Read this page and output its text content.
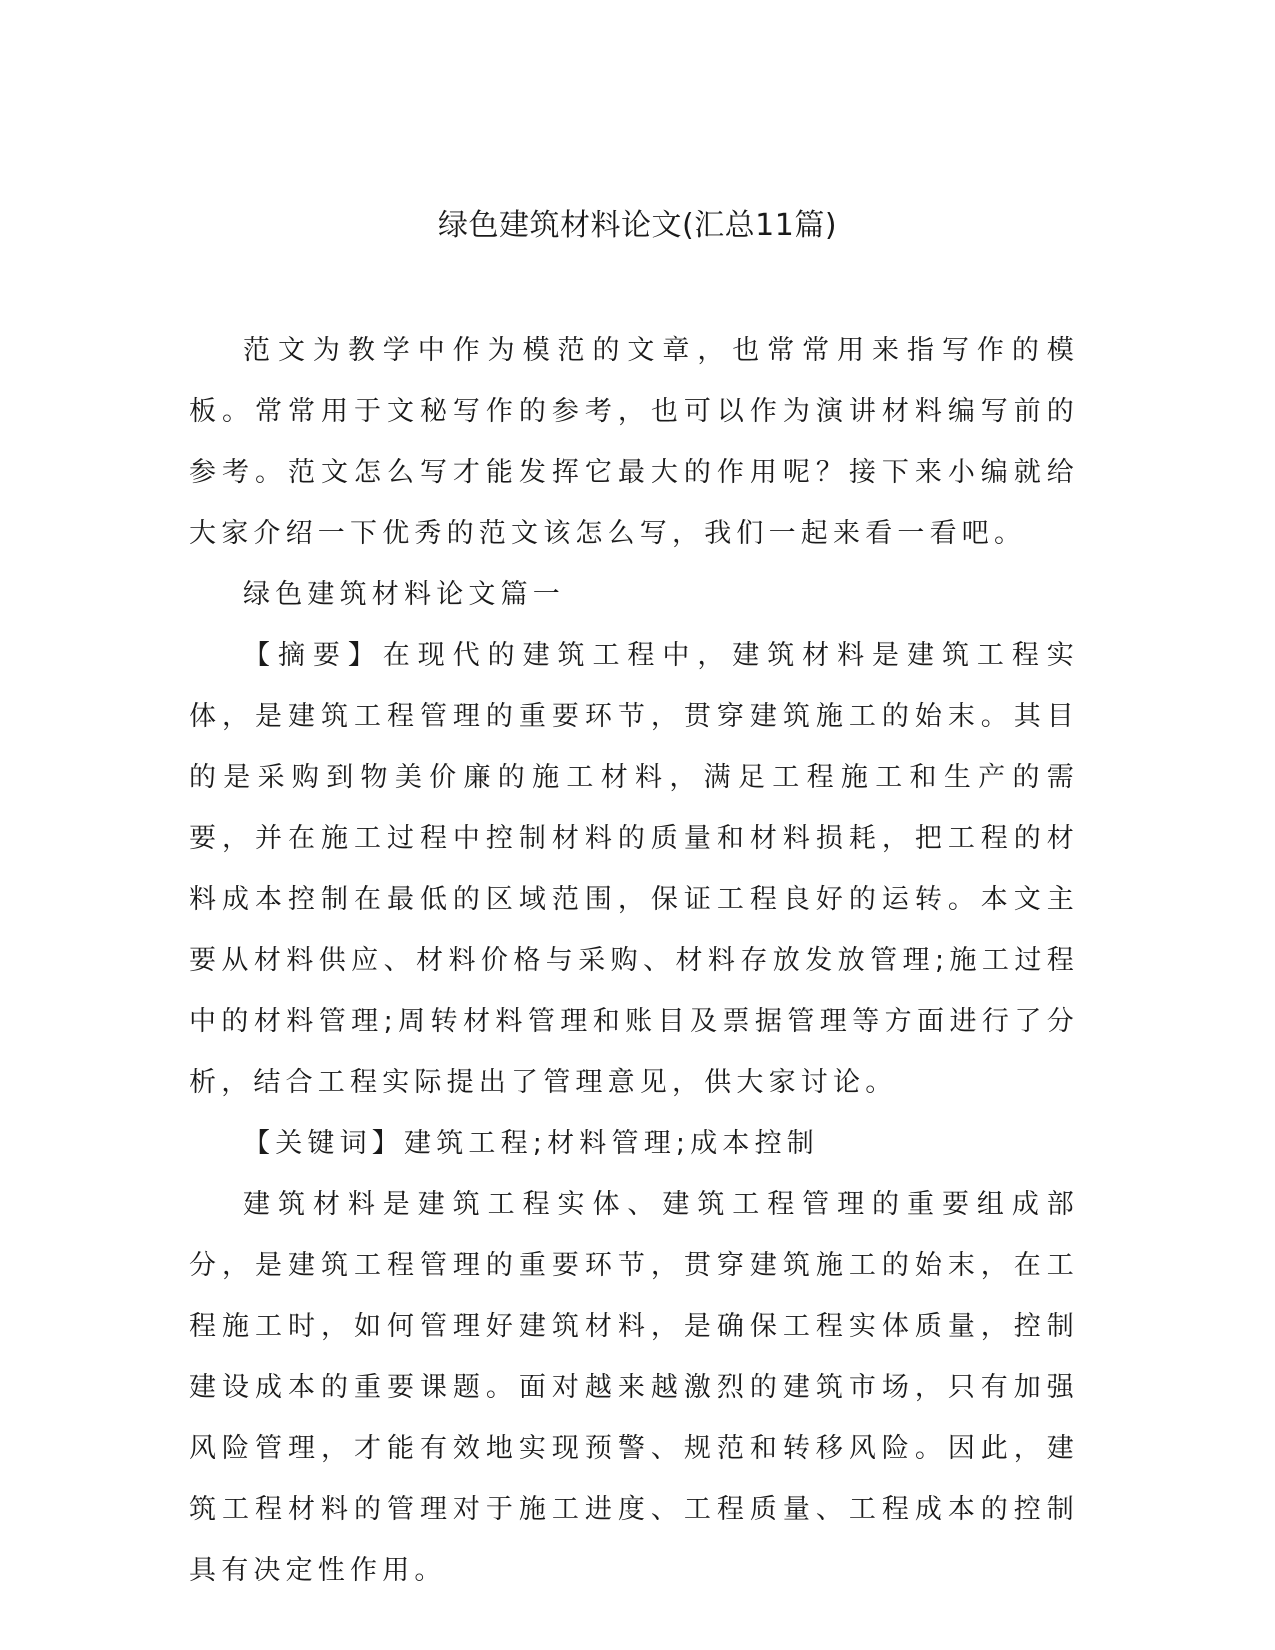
绿色建筑材料论文(汇总11篇)

范文为教学中作为模范的文章，也常常用来指写作的模板。常常用于文秘写作的参考，也可以作为演讲材料编写前的参考。范文怎么写才能发挥它最大的作用呢？接下来小编就给大家介绍一下优秀的范文该怎么写，我们一起来看一看吧。

绿色建筑材料论文篇一

【摘要】在现代的建筑工程中，建筑材料是建筑工程实体，是建筑工程管理的重要环节，贯穿建筑施工的始末。其目的是采购到物美价廉的施工材料，满足工程施工和生产的需要，并在施工过程中控制材料的质量和材料损耗，把工程的材料成本控制在最低的区域范围，保证工程良好的运转。本文主要从材料供应、材料价格与采购、材料存放发放管理;施工过程中的材料管理;周转材料管理和账目及票据管理等方面进行了分析，结合工程实际提出了管理意见，供大家讨论。

【关键词】建筑工程;材料管理;成本控制

建筑材料是建筑工程实体、建筑工程管理的重要组成部分，是建筑工程管理的重要环节，贯穿建筑施工的始末，在工程施工时，如何管理好建筑材料，是确保工程实体质量，控制建设成本的重要课题。面对越来越激烈的建筑市场，只有加强风险管理，才能有效地实现预警、规范和转移风险。因此，建筑工程材料的管理对于施工进度、工程质量、工程成本的控制具有决定性作用。
